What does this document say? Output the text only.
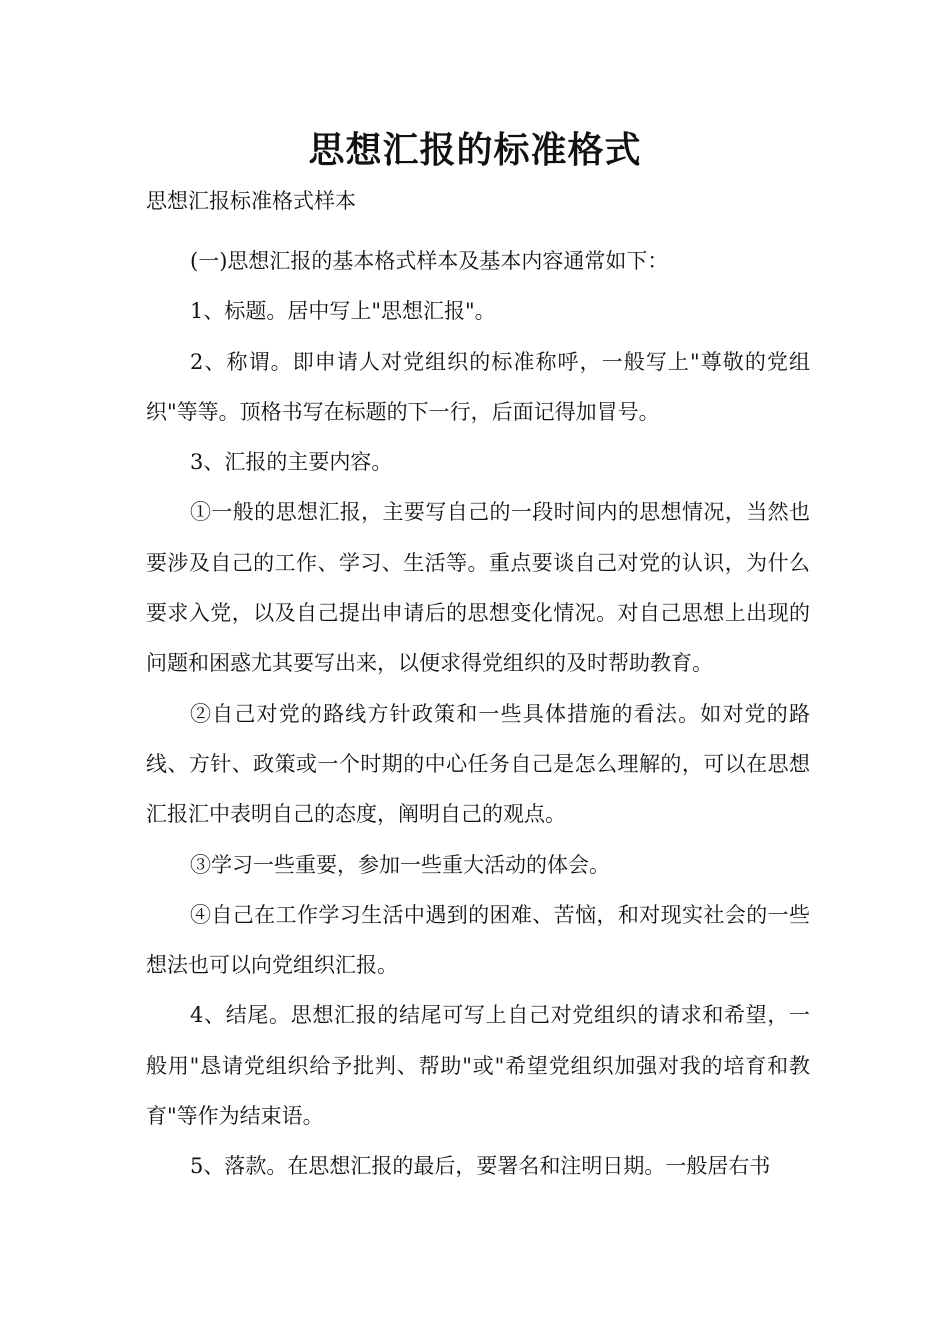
思想汇报的标准格式
思想汇报标准格式样本

(一)思想汇报的基本格式样本及基本内容通常如下：

1、标题。居中写上"思想汇报"。

2、称谓。即申请人对党组织的标准称呼，一般写上"尊敬的党组织"等等。顶格书写在标题的下一行，后面记得加冒号。

3、汇报的主要内容。

①一般的思想汇报，主要写自己的一段时间内的思想情况，当然也要涉及自己的工作、学习、生活等。重点要谈自己对党的认识，为什么要求入党，以及自己提出申请后的思想变化情况。对自己思想上出现的问题和困惑尤其要写出来，以便求得党组织的及时帮助教育。

②自己对党的路线方针政策和一些具体措施的看法。如对党的路线、方针、政策或一个时期的中心任务自己是怎么理解的，可以在思想汇报汇中表明自己的态度，阐明自己的观点。

③学习一些重要，参加一些重大活动的体会。

④自己在工作学习生活中遇到的困难、苦恼，和对现实社会的一些想法也可以向党组织汇报。

4、结尾。思想汇报的结尾可写上自己对党组织的请求和希望，一般用"恳请党组织给予批判、帮助"或"希望党组织加强对我的培育和教育"等作为结束语。

5、落款。在思想汇报的最后，要署名和注明日期。一般居右书
